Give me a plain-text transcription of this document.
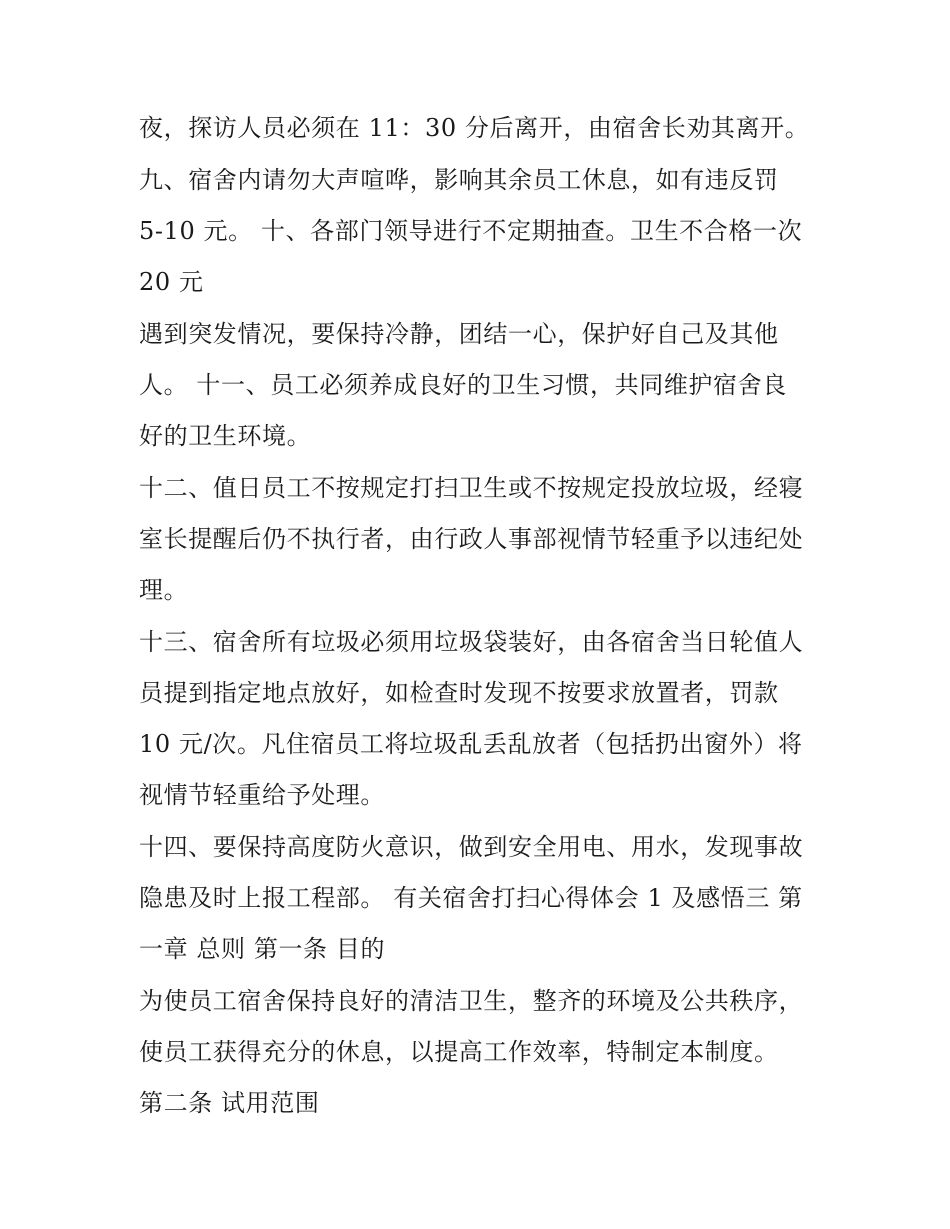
夜，探访人员必须在 11：30 分后离开，由宿舍长劝其离开。
九、宿舍内请勿大声喧哗，影响其余员工休息，如有违反罚
5-10 元。 十、各部门领导进行不定期抽查。卫生不合格一次
20 元
遇到突发情况，要保持冷静，团结一心，保护好自己及其他
人。 十一、员工必须养成良好的卫生习惯，共同维护宿舍良
好的卫生环境。
十二、值日员工不按规定打扫卫生或不按规定投放垃圾，经寝
室长提醒后仍不执行者，由行政人事部视情节轻重予以违纪处
理。
十三、宿舍所有垃圾必须用垃圾袋装好，由各宿舍当日轮值人
员提到指定地点放好，如检查时发现不按要求放置者，罚款
10 元/次。凡住宿员工将垃圾乱丢乱放者（包括扔出窗外）将
视情节轻重给予处理。
十四、要保持高度防火意识，做到安全用电、用水，发现事故
隐患及时上报工程部。 有关宿舍打扫心得体会 1 及感悟三 第
一章 总则 第一条 目的
为使员工宿舍保持良好的清洁卫生，整齐的环境及公共秩序，
使员工获得充分的休息，以提高工作效率，特制定本制度。
第二条 试用范围
